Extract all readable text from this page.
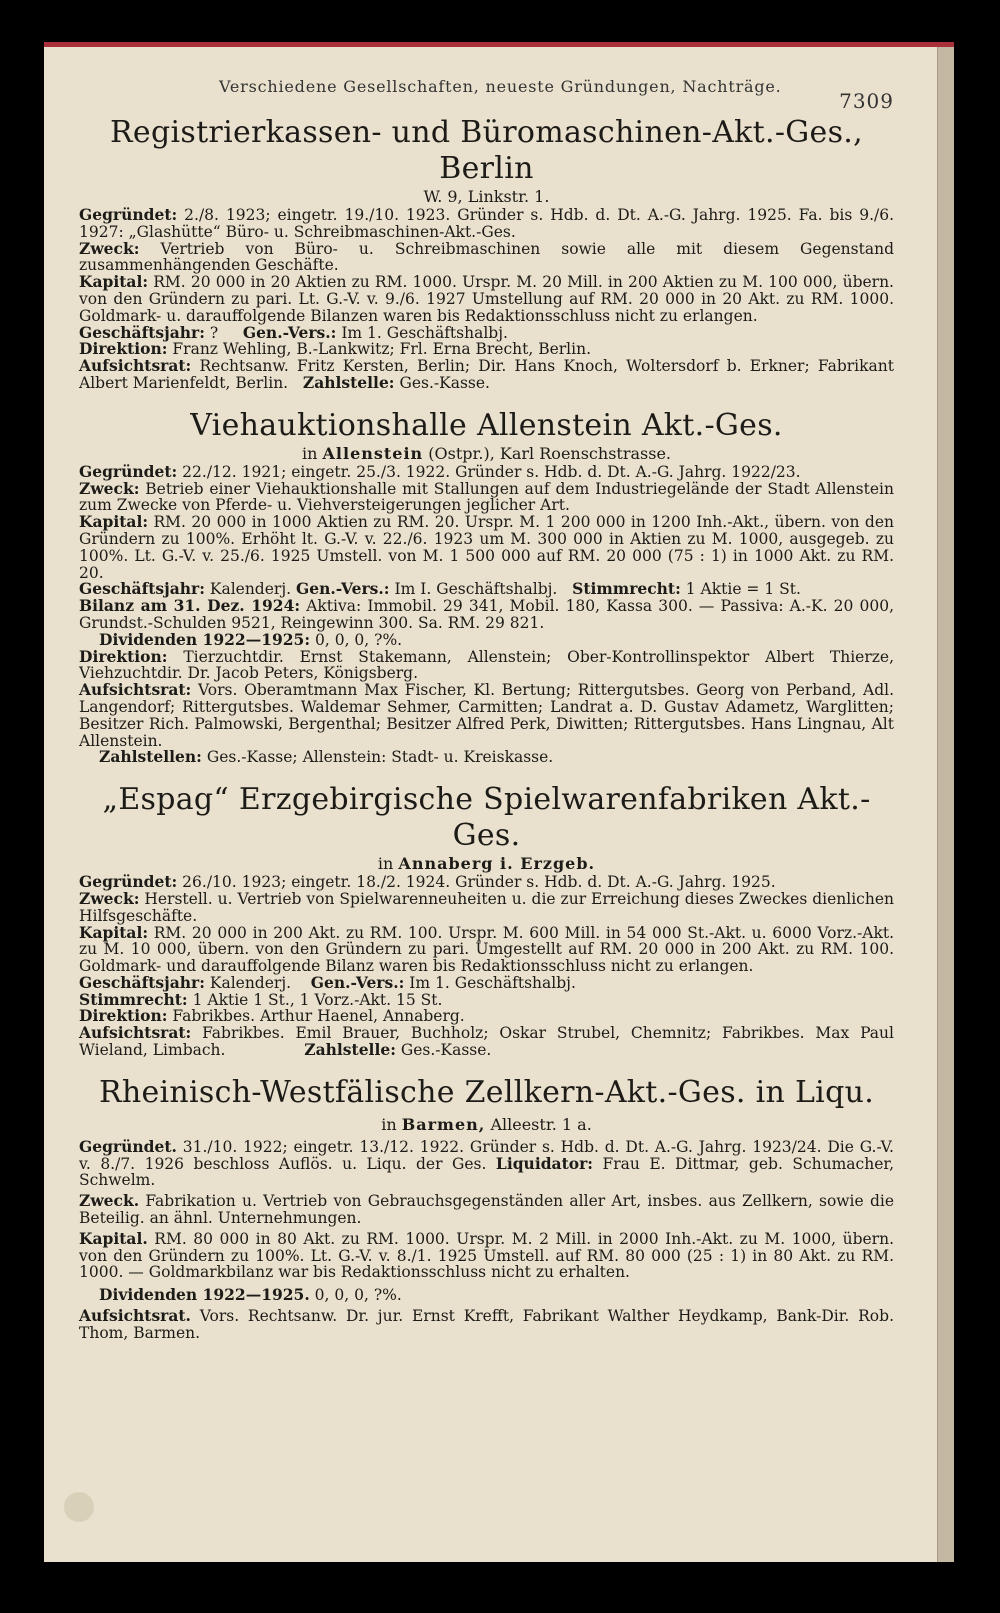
Verschiedene Gesellschaften, neueste Gründungen, Nachträge.
7309
Registrierkassen- und Büromaschinen-Akt.-Ges., Berlin
W. 9, Linkstr. 1.

Gegründet: 2./8. 1923; eingetr. 19./10. 1923. Gründer s. Hdb. d. Dt. A.-G. Jahrg. 1925. Fa. bis 9./6. 1927: „Glashütte“ Büro- u. Schreibmaschinen-Akt.-Ges.

Zweck: Vertrieb von Büro- u. Schreibmaschinen sowie alle mit diesem Gegenstand zusammenhängenden Geschäfte.

Kapital: RM. 20 000 in 20 Aktien zu RM. 1000. Urspr. M. 20 Mill. in 200 Aktien zu M. 100 000, übern. von den Gründern zu pari. Lt. G.-V. v. 9./6. 1927 Umstellung auf RM. 20 000 in 20 Akt. zu RM. 1000. Goldmark- u. darauffolgende Bilanzen waren bis Redaktionsschluss nicht zu erlangen.

Geschäftsjahr: ? Gen.-Vers.: Im 1. Geschäftshalbj.

Direktion: Franz Wehling, B.-Lankwitz; Frl. Erna Brecht, Berlin.

Aufsichtsrat: Rechtsanw. Fritz Kersten, Berlin; Dir. Hans Knoch, Woltersdorf b. Erkner; Fabrikant Albert Marienfeldt, Berlin. Zahlstelle: Ges.-Kasse.

Viehauktionshalle Allenstein Akt.-Ges.
in Allenstein (Ostpr.), Karl Roenschstrasse.

Gegründet: 22./12. 1921; eingetr. 25./3. 1922. Gründer s. Hdb. d. Dt. A.-G. Jahrg. 1922/23.

Zweck: Betrieb einer Viehauktionshalle mit Stallungen auf dem Industriegelände der Stadt Allenstein zum Zwecke von Pferde- u. Viehversteigerungen jeglicher Art.

Kapital: RM. 20 000 in 1000 Aktien zu RM. 20. Urspr. M. 1 200 000 in 1200 Inh.-Akt., übern. von den Gründern zu 100%. Erhöht lt. G.-V. v. 22./6. 1923 um M. 300 000 in Aktien zu M. 1000, ausgegeb. zu 100%. Lt. G.-V. v. 25./6. 1925 Umstell. von M. 1 500 000 auf RM. 20 000 (75 : 1) in 1000 Akt. zu RM. 20.

Geschäftsjahr: Kalenderj. Gen.-Vers.: Im I. Geschäftshalbj. Stimmrecht: 1 Aktie = 1 St.

Bilanz am 31. Dez. 1924: Aktiva: Immobil. 29 341, Mobil. 180, Kassa 300. — Passiva: A.-K. 20 000, Grundst.-Schulden 9521, Reingewinn 300. Sa. RM. 29 821.

Dividenden 1922—1925: 0, 0, 0, ?%.

Direktion: Tierzuchtdir. Ernst Stakemann, Allenstein; Ober-Kontrollinspektor Albert Thierze, Viehzuchtdir. Dr. Jacob Peters, Königsberg.

Aufsichtsrat: Vors. Oberamtmann Max Fischer, Kl. Bertung; Rittergutsbes. Georg von Perband, Adl. Langendorf; Rittergutsbes. Waldemar Sehmer, Carmitten; Landrat a. D. Gustav Adametz, Warglitten; Besitzer Rich. Palmowski, Bergenthal; Besitzer Alfred Perk, Diwitten; Rittergutsbes. Hans Lingnau, Alt Allenstein.

Zahlstellen: Ges.-Kasse; Allenstein: Stadt- u. Kreiskasse.

„Espag“ Erzgebirgische Spielwarenfabriken Akt.-Ges.
in Annaberg i. Erzgeb.

Gegründet: 26./10. 1923; eingetr. 18./2. 1924. Gründer s. Hdb. d. Dt. A.-G. Jahrg. 1925.

Zweck: Herstell. u. Vertrieb von Spielwarenneuheiten u. die zur Erreichung dieses Zweckes dienlichen Hilfsgeschäfte.

Kapital: RM. 20 000 in 200 Akt. zu RM. 100. Urspr. M. 600 Mill. in 54 000 St.-Akt. u. 6000 Vorz.-Akt. zu M. 10 000, übern. von den Gründern zu pari. Umgestellt auf RM. 20 000 in 200 Akt. zu RM. 100. Goldmark- und darauffolgende Bilanz waren bis Redaktionsschluss nicht zu erlangen.

Geschäftsjahr: Kalenderj. Gen.-Vers.: Im 1. Geschäftshalbj.

Stimmrecht: 1 Aktie 1 St., 1 Vorz.-Akt. 15 St.

Direktion: Fabrikbes. Arthur Haenel, Annaberg.

Aufsichtsrat: Fabrikbes. Emil Brauer, Buchholz; Oskar Strubel, Chemnitz; Fabrikbes. Max Paul Wieland, Limbach.	Zahlstelle: Ges.-Kasse.

Rheinisch-Westfälische Zellkern-Akt.-Ges. in Liqu.
in Barmen, Alleestr. 1 a.

Gegründet. 31./10. 1922; eingetr. 13./12. 1922. Gründer s. Hdb. d. Dt. A.-G. Jahrg. 1923/24. Die G.-V. v. 8./7. 1926 beschloss Auflös. u. Liqu. der Ges. Liquidator: Frau E. Dittmar, geb. Schumacher, Schwelm.

Zweck. Fabrikation u. Vertrieb von Gebrauchsgegenständen aller Art, insbes. aus Zellkern, sowie die Beteilig. an ähnl. Unternehmungen.

Kapital. RM. 80 000 in 80 Akt. zu RM. 1000. Urspr. M. 2 Mill. in 2000 Inh.-Akt. zu M. 1000, übern. von den Gründern zu 100%. Lt. G.-V. v. 8./1. 1925 Umstell. auf RM. 80 000 (25 : 1) in 80 Akt. zu RM. 1000. — Goldmarkbilanz war bis Redaktionsschluss nicht zu erhalten.

Dividenden 1922—1925. 0, 0, 0, ?%.

Aufsichtsrat. Vors. Rechtsanw. Dr. jur. Ernst Krefft, Fabrikant Walther Heydkamp, Bank-Dir. Rob. Thom, Barmen.
